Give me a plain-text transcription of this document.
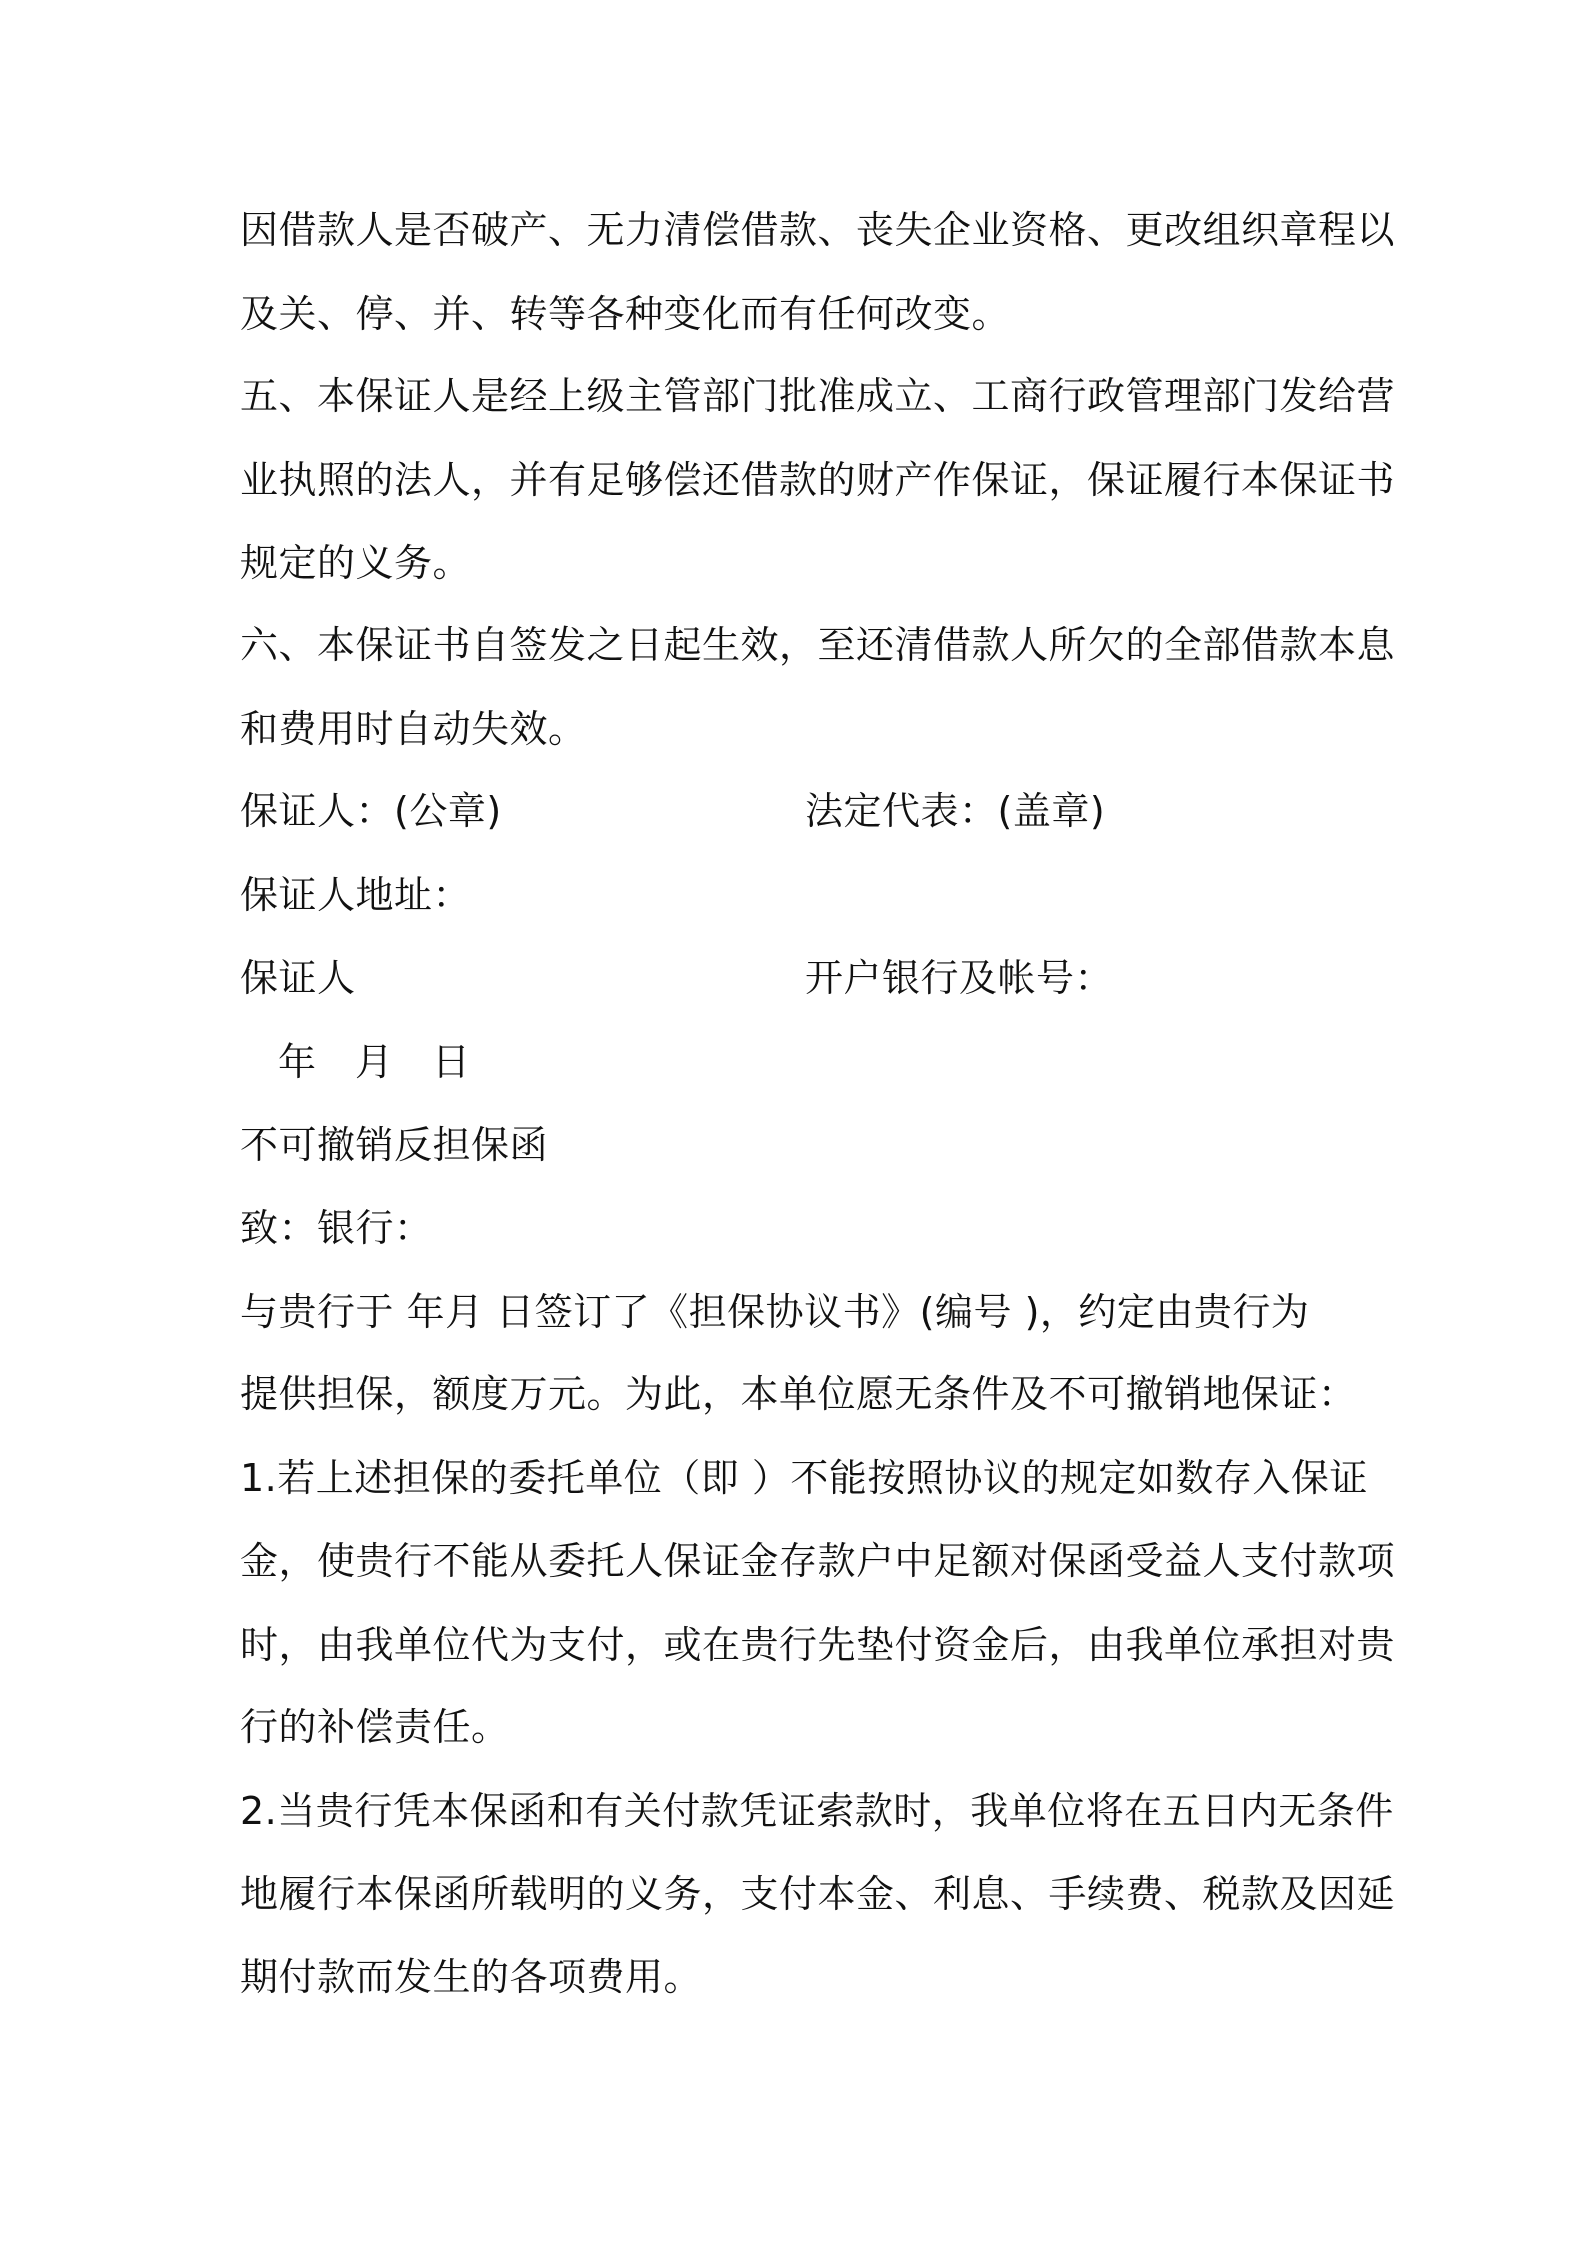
因借款人是否破产、无力清偿借款、丧失企业资格、更改组织章程以
及关、停、并、转等各种变化而有任何改变。
五、本保证人是经上级主管部门批准成立、工商行政管理部门发给营
业执照的法人，并有足够偿还借款的财产作保证，保证履行本保证书
规定的义务。
六、本保证书自签发之日起生效，至还清借款人所欠的全部借款本息
和费用时自动失效。
保证人：(公章)	法定代表：(盖章)
保证人地址：
保证人	开户银行及帐号：
年　月　日
不可撤销反担保函
致：银行：
与贵行于 年月 日签订了《担保协议书》(编号 )，约定由贵行为
提供担保，额度万元。为此，本单位愿无条件及不可撤销地保证：
1.若上述担保的委托单位（即 ）不能按照协议的规定如数存入保证
金，使贵行不能从委托人保证金存款户中足额对保函受益人支付款项
时，由我单位代为支付，或在贵行先垫付资金后，由我单位承担对贵
行的补偿责任。
2.当贵行凭本保函和有关付款凭证索款时，我单位将在五日内无条件
地履行本保函所载明的义务，支付本金、利息、手续费、税款及因延
期付款而发生的各项费用。
